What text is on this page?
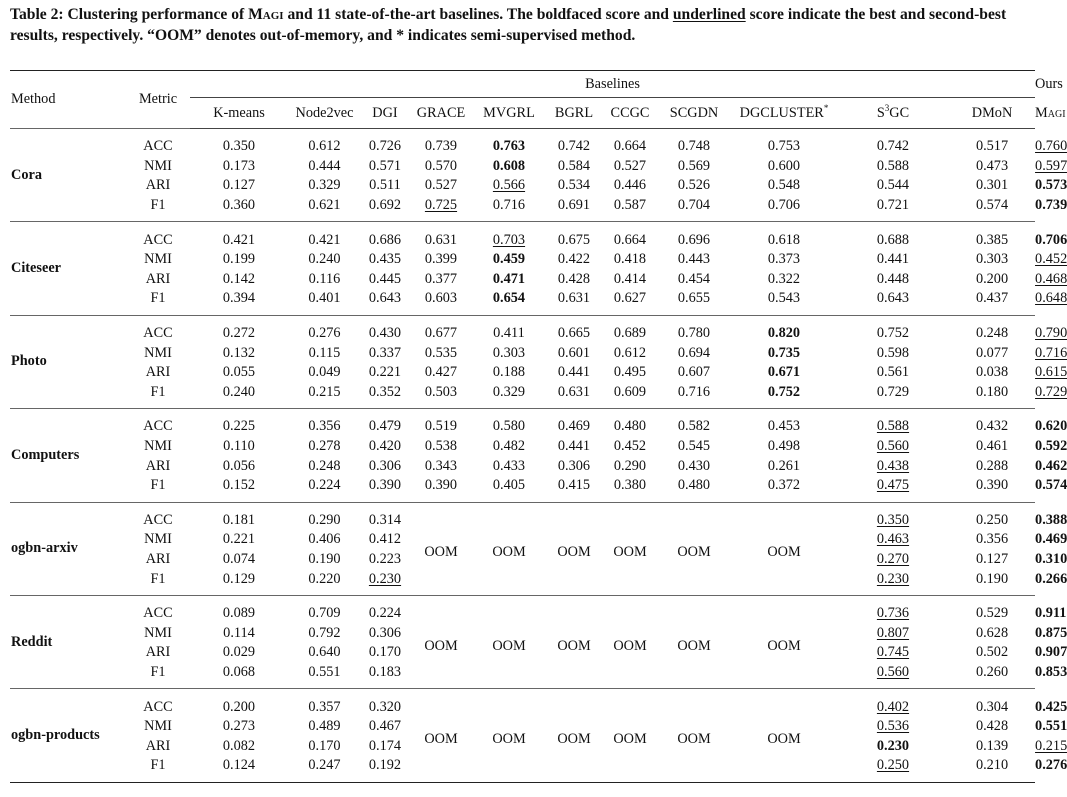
Table 2: Clustering performance of Magi and 11 state-of-the-art baselines. The boldfaced score and underlined score indicate the best and second-best results, respectively. “OOM” denotes out-of-memory, and * indicates semi-supervised method.
Method	Metric	Baselines											Ours
		K-means	Node2vec	DGI	GRACE	MVGRL	BGRL	CCGC	SCGDN	DGCLUSTER*	$S^3GC$	DMoN	Magi
Cora	ACC	0.350	0.612	0.726	0.739	0.763	0.742	0.664	0.748	0.753	0.742	0.517	0.760
	NMI	0.173	0.444	0.571	0.570	0.608	0.584	0.527	0.569	0.600	0.588	0.473	0.597
	ARI	0.127	0.329	0.511	0.527	0.566	0.534	0.446	0.526	0.548	0.544	0.301	0.573
	F1	0.360	0.621	0.692	0.725	0.716	0.691	0.587	0.704	0.706	0.721	0.574	0.739
Citeseer	ACC	0.421	0.421	0.686	0.631	0.703	0.675	0.664	0.696	0.618	0.688	0.385	0.706
	NMI	0.199	0.240	0.435	0.399	0.459	0.422	0.418	0.443	0.373	0.441	0.303	0.452
	ARI	0.142	0.116	0.445	0.377	0.471	0.428	0.414	0.454	0.322	0.448	0.200	0.468
	F1	0.394	0.401	0.643	0.603	0.654	0.631	0.627	0.655	0.543	0.643	0.437	0.648
Photo	ACC	0.272	0.276	0.430	0.677	0.411	0.665	0.689	0.780	0.820	0.752	0.248	0.790
	NMI	0.132	0.115	0.337	0.535	0.303	0.601	0.612	0.694	0.735	0.598	0.077	0.716
	ARI	0.055	0.049	0.221	0.427	0.188	0.441	0.495	0.607	0.671	0.561	0.038	0.615
	F1	0.240	0.215	0.352	0.503	0.329	0.631	0.609	0.716	0.752	0.729	0.180	0.729
Computers	ACC	0.225	0.356	0.479	0.519	0.580	0.469	0.480	0.582	0.453	0.588	0.432	0.620
	NMI	0.110	0.278	0.420	0.538	0.482	0.441	0.452	0.545	0.498	0.560	0.461	0.592
	ARI	0.056	0.248	0.306	0.343	0.433	0.306	0.290	0.430	0.261	0.438	0.288	0.462
	F1	0.152	0.224	0.390	0.390	0.405	0.415	0.380	0.480	0.372	0.475	0.390	0.574
ogbn-arxiv	ACC	0.181	0.290	0.314	OOM	OOM	OOM	OOM	OOM	OOM	0.350	0.250	0.388
	NMI	0.221	0.406	0.412							0.463	0.356	0.469
	ARI	0.074	0.190	0.223							0.270	0.127	0.310
	F1	0.129	0.220	0.230							0.230	0.190	0.266
Reddit	ACC	0.089	0.709	0.224	OOM	OOM	OOM	OOM	OOM	OOM	0.736	0.529	0.911
	NMI	0.114	0.792	0.306							0.807	0.628	0.875
	ARI	0.029	0.640	0.170							0.745	0.502	0.907
	F1	0.068	0.551	0.183							0.560	0.260	0.853
ogbn-products	ACC	0.200	0.357	0.320	OOM	OOM	OOM	OOM	OOM	OOM	0.402	0.304	0.425
	NMI	0.273	0.489	0.467							0.536	0.428	0.551
	ARI	0.082	0.170	0.174							0.230	0.139	0.215
	F1	0.124	0.247	0.192							0.250	0.210	0.276
